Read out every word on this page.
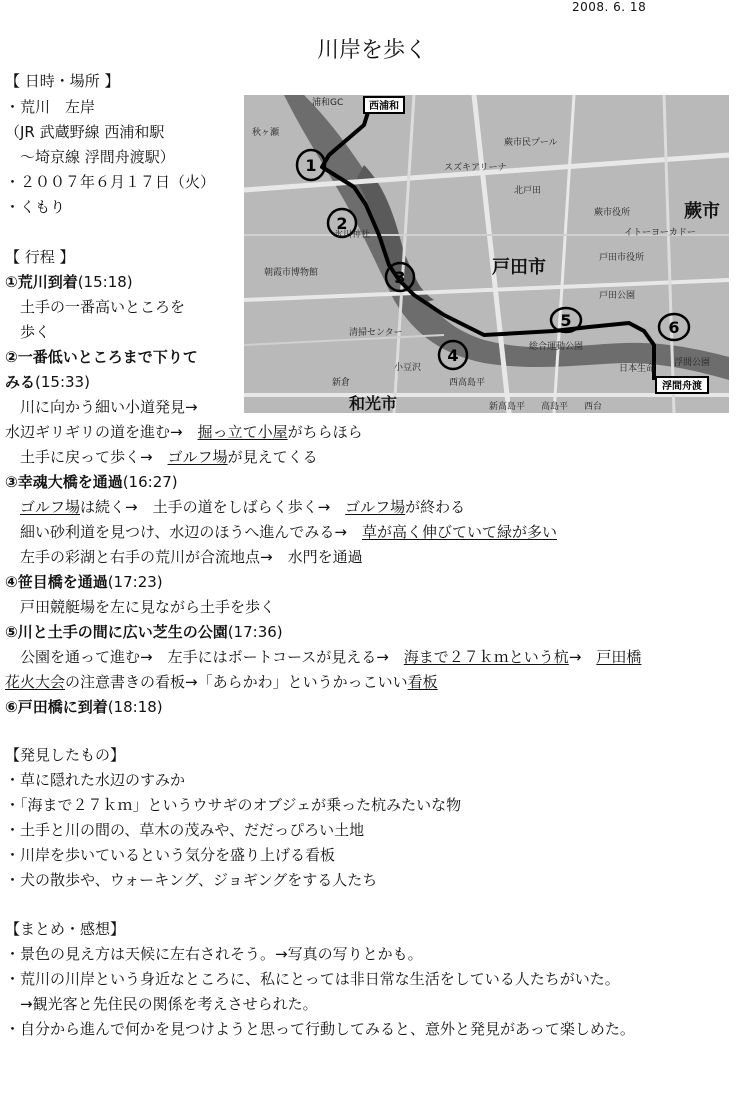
2008. 6. 18
川岸を歩く
【 日時・場所 】
・荒川　左岸
（JR 武蔵野線 西浦和駅
　～埼京線 浮間舟渡駅）
・２００７年６月１７日（火）
・くもり
西浦和
浮間舟渡
1
2
3
4
5	6
浦和GC
蕨市民プール
スズキアリーナ
北戸田
蕨市役所
イトーヨーカドー
氷川神社
朝霞市博物館
戸田市役所
戸田公園
清掃センター
総合運動公園
日本生命
浮間公園
西高島平
新高島平 高島平 西台
新倉
秋ヶ瀬
小豆沢
戸田市
和光市
蕨市
【 行程 】
①荒川到着(15:18)
土手の一番高いところを
歩く
②一番低いところまで下りて
みる(15:33)
川に向かう細い小道発見→
水辺ギリギリの道を進む→　掘っ立て小屋がちらほら
土手に戻って歩く→　ゴルフ場が見えてくる
③幸魂大橋を通過(16:27)
ゴルフ場は続く→　土手の道をしばらく歩く→　ゴルフ場が終わる
細い砂利道を見つけ、水辺のほうへ進んでみる→　草が高く伸びていて緑が多い
左手の彩湖と右手の荒川が合流地点→　水門を通過
④笹目橋を通過(17:23)
戸田競艇場を左に見ながら土手を歩く
⑤川と土手の間に広い芝生の公園(17:36)
公園を通って進む→　左手にはボートコースが見える→　海まで２７ｋｍという杭→　戸田橋
花火大会の注意書きの看板→「あらかわ」というかっこいい看板
⑥戸田橋に到着(18:18)
【発見したもの】
・草に隠れた水辺のすみか
・「海まで２７ｋｍ」というウサギのオブジェが乗った杭みたいな物
・土手と川の間の、草木の茂みや、だだっぴろい土地
・川岸を歩いているという気分を盛り上げる看板
・犬の散歩や、ウォーキング、ジョギングをする人たち
【まとめ・感想】
・景色の見え方は天候に左右されそう。→写真の写りとかも。
・荒川の川岸という身近なところに、私にとっては非日常な生活をしている人たちがいた。
　→観光客と先住民の関係を考えさせられた。
・自分から進んで何かを見つけようと思って行動してみると、意外と発見があって楽しめた。
